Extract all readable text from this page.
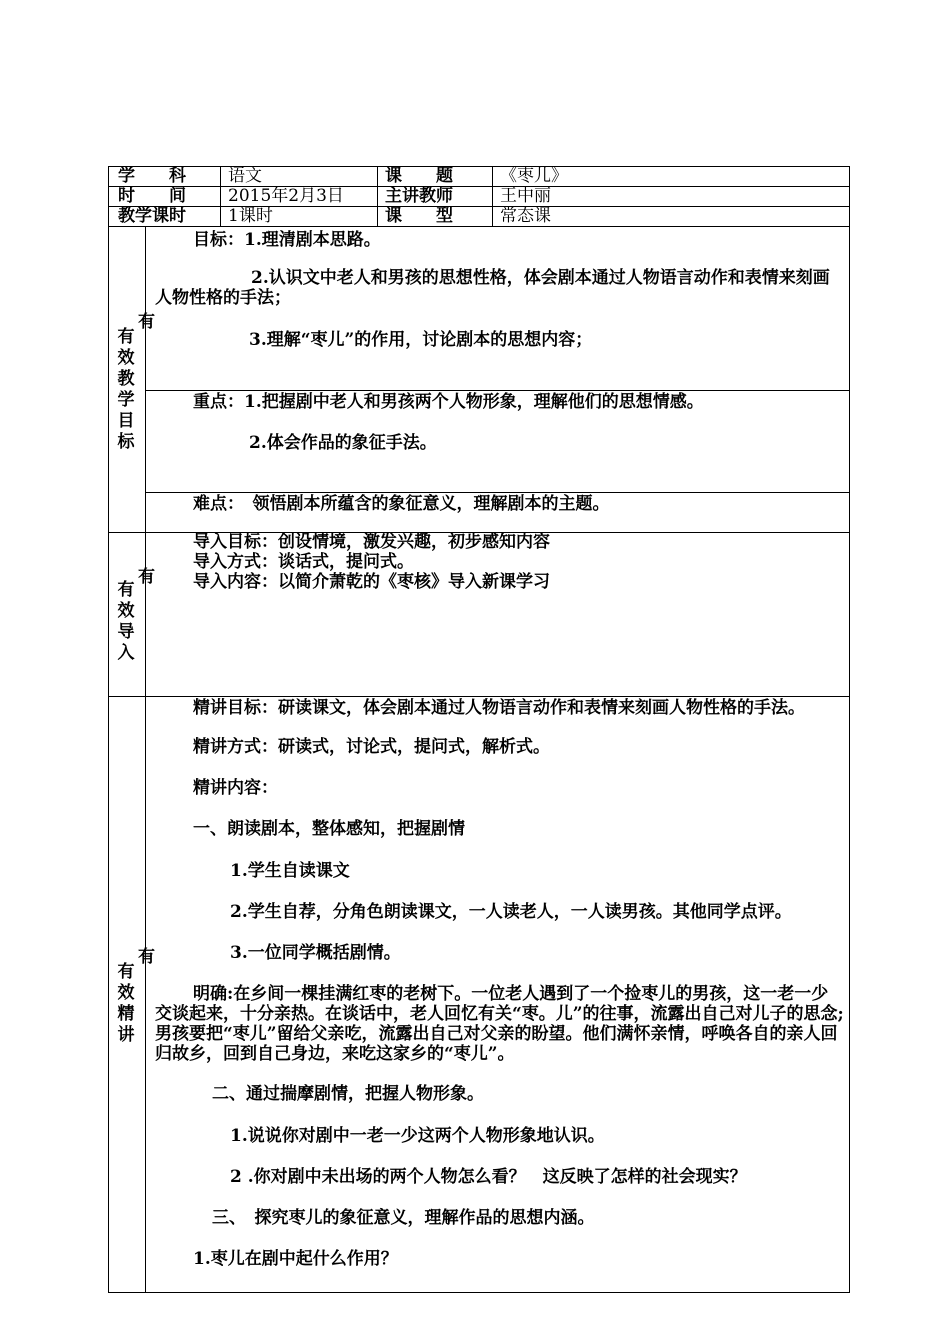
学　　科 语文	课　　题	《枣儿》
时　　间 2015年2月3日 主讲教师	王中丽
教学课时 1课时	课　　型	常态课
有
有效教学目标
目标：1.理清剧本思路。
2.认识文中老人和男孩的思想性格，体会剧本通过人物语言动作和表情来刻画人物性格的手法；
3.理解“枣儿”的作用，讨论剧本的思想内容；
重点：1.把握剧中老人和男孩两个人物形象，理解他们的思想情感。
2.体会作品的象征手法。
难点：　领悟剧本所蕴含的象征意义，理解剧本的主题。
有
有效导入
导入目标：创设情境，激发兴趣，初步感知内容
导入方式：谈话式，提问式。
导入内容：以简介萧乾的《枣核》导入新课学习
有
有效精讲
精讲目标：研读课文，体会剧本通过人物语言动作和表情来刻画人物性格的手法。
精讲方式：研读式，讨论式，提问式，解析式。
精讲内容：
一、朗读剧本，整体感知，把握剧情
1.学生自读课文
2.学生自荐，分角色朗读课文，一人读老人，一人读男孩。其他同学点评。
3.一位同学概括剧情。
明确:在乡间一棵挂满红枣的老树下。一位老人遇到了一个捡枣儿的男孩，这一老一少交谈起来，十分亲热。在谈话中，老人回忆有关“枣。儿”的往事，流露出自己对儿子的思念;男孩要把“枣儿”留给父亲吃，流露出自己对父亲的盼望。他们满怀亲情，呼唤各自的亲人回归故乡，回到自己身边，来吃这家乡的“枣儿”。
二、通过揣摩剧情，把握人物形象。
1.说说你对剧中一老一少这两个人物形象地认识。
2 .你对剧中未出场的两个人物怎么看？　这反映了怎样的社会现实？
三、　探究枣儿的象征意义，理解作品的思想内涵。
1.枣儿在剧中起什么作用？
